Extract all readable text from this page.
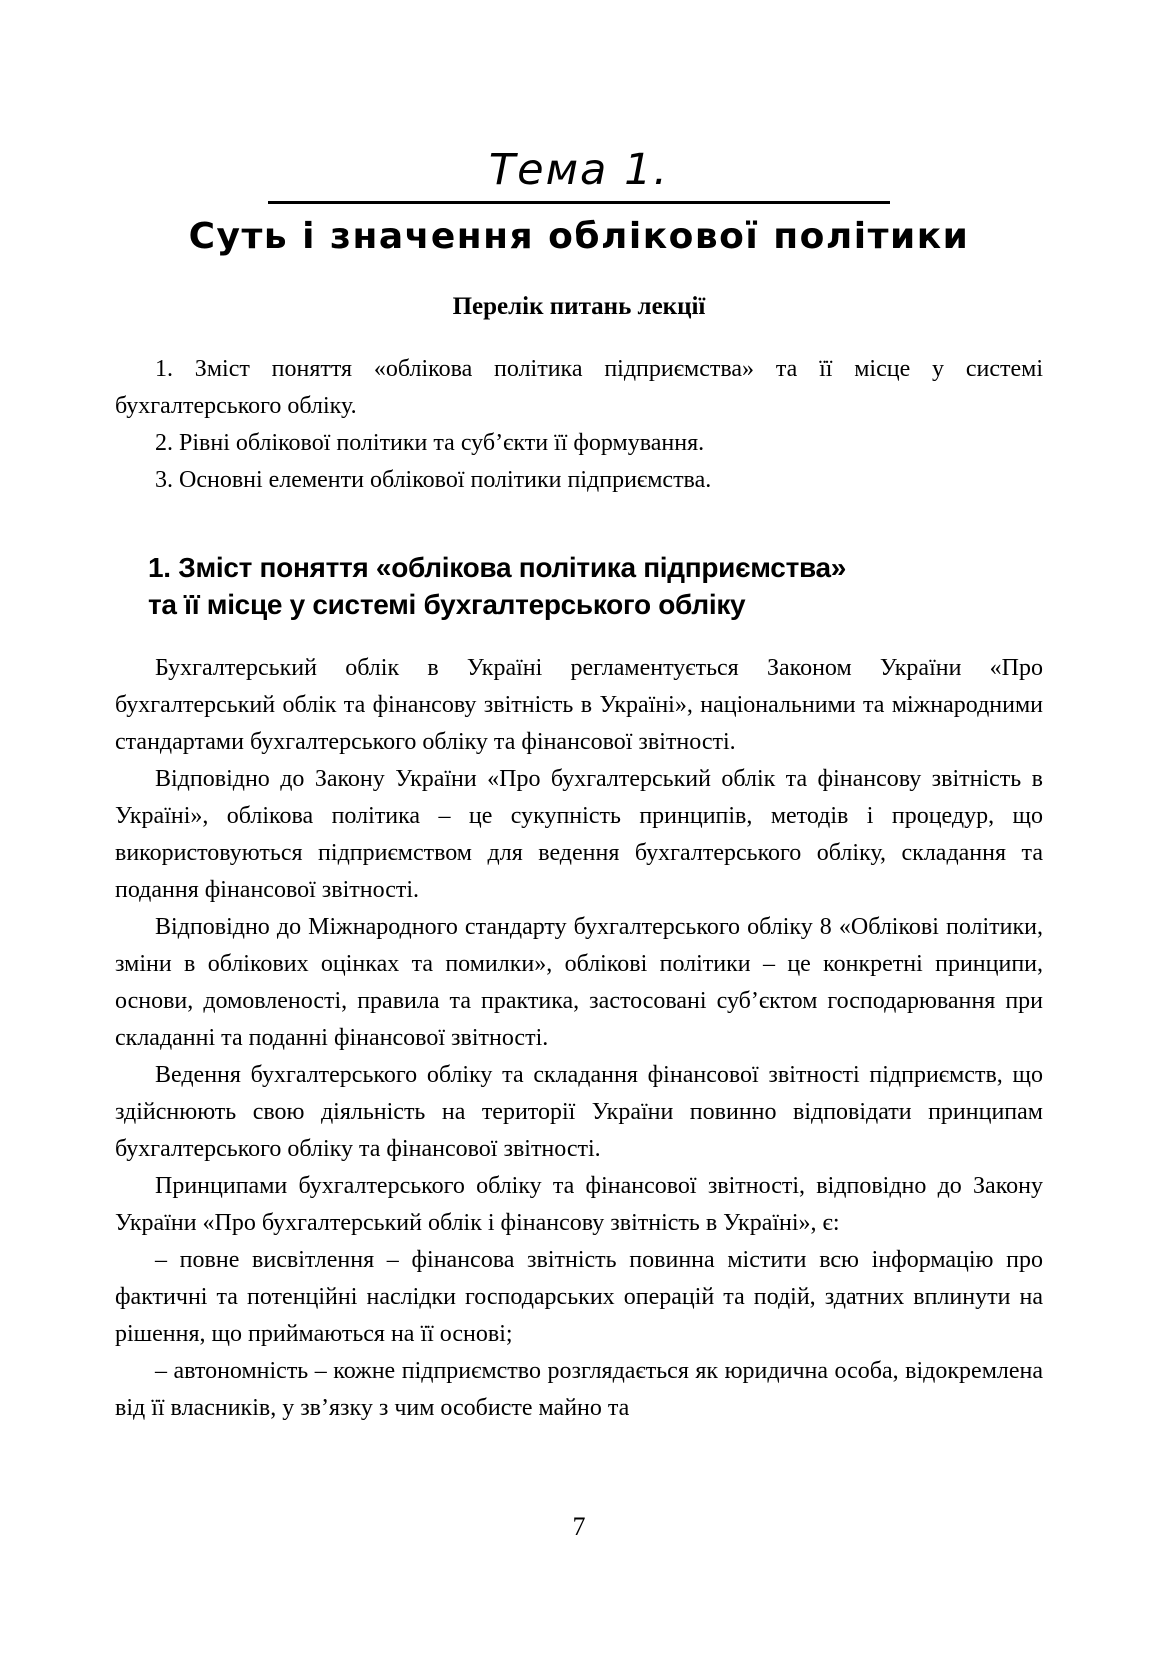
Тема 1.
Суть і значення облікової політики
Перелік питань лекції

1. Зміст поняття «облікова політика підприємства» та її місце у системі бухгалтерського обліку.

2. Рівні облікової політики та суб’єкти її формування.

3. Основні елементи облікової політики підприємства.

1. Зміст поняття «облікова політика підприємства»
та її місце у системі бухгалтерського обліку

Бухгалтерський облік в Україні регламентується Законом України «Про бухгалтерський облік та фінансову звітність в Україні», національними та міжнародними стандартами бухгалтерського обліку та фінансової звітності.

Відповідно до Закону України «Про бухгалтерський облік та фінансову звітність в Україні», облікова політика – це сукупність принципів, методів і процедур, що використовуються підприємством для ведення бухгалтерського обліку, складання та подання фінансової звітності.

Відповідно до Міжнародного стандарту бухгалтерського обліку 8 «Облікові політики, зміни в облікових оцінках та помилки», облікові політики – це конкретні принципи, основи, домовленості, правила та практика, застосовані суб’єктом господарювання при складанні та поданні фінансової звітності.

Ведення бухгалтерського обліку та складання фінансової звітності підприємств, що здійснюють свою діяльність на території України повинно відповідати принципам бухгалтерського обліку та фінансової звітності.

Принципами бухгалтерського обліку та фінансової звітності, відповідно до Закону України «Про бухгалтерський облік і фінансову звітність в Україні», є:

– повне висвітлення – фінансова звітність повинна містити всю інформацію про фактичні та потенційні наслідки господарських операцій та подій, здатних вплинути на рішення, що приймаються на її основі;

– автономність – кожне підприємство розглядається як юридична особа, відокремлена від її власників, у зв’язку з чим особисте майно та

7
